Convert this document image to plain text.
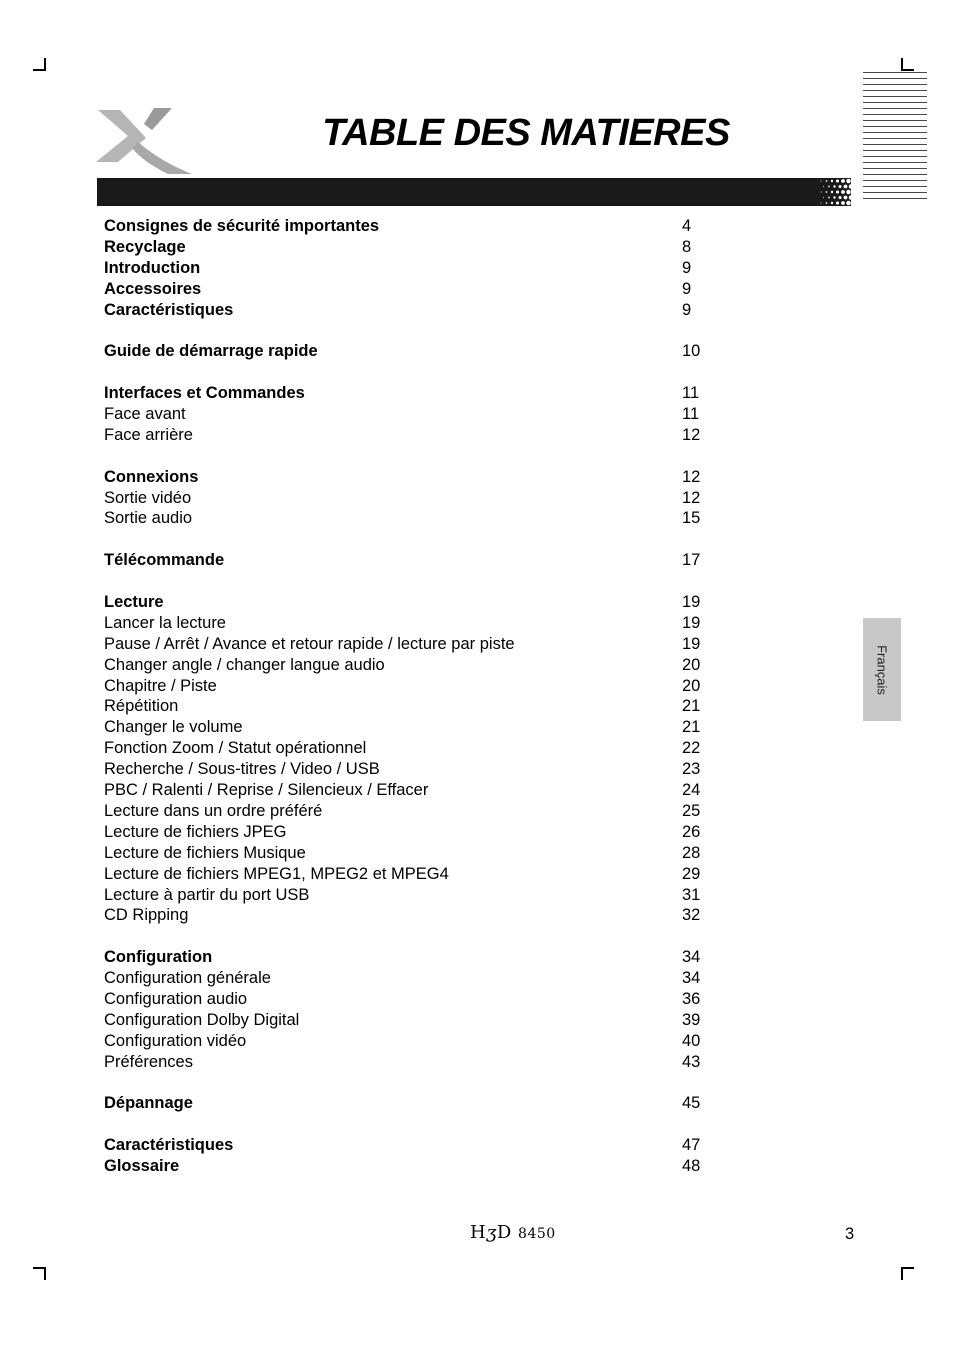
TABLE DES MATIERES
Français
Consignes de sécurité importantes	4
Recyclage	8
Introduction	9
Accessoires	9
Caractéristiques	9
Guide de démarrage rapide	10
Interfaces et Commandes	11
Face avant	11
Face arrière	12
Connexions	12
Sortie vidéo	12
Sortie audio	15
Télécommande	17
Lecture	19
Lancer la lecture	19
Pause / Arrêt / Avance et retour rapide / lecture par piste	19
Changer angle / changer langue audio	20
Chapitre / Piste	20
Répétition	21
Changer le volume	21
Fonction Zoom / Statut opérationnel	22
Recherche / Sous-titres / Video / USB	23
PBC / Ralenti / Reprise / Silencieux / Effacer	24
Lecture dans un ordre préféré	25
Lecture de fichiers JPEG	26
Lecture de fichiers Musique	28
Lecture de fichiers MPEG1, MPEG2 et MPEG4	29
Lecture à partir du port USB	31
CD Ripping	32
Configuration	34
Configuration générale	34
Configuration audio	36
Configuration Dolby Digital	39
Configuration vidéo	40
Préférences	43
Dépannage	45
Caractéristiques	47
Glossaire	48
HʒD 8450	3
